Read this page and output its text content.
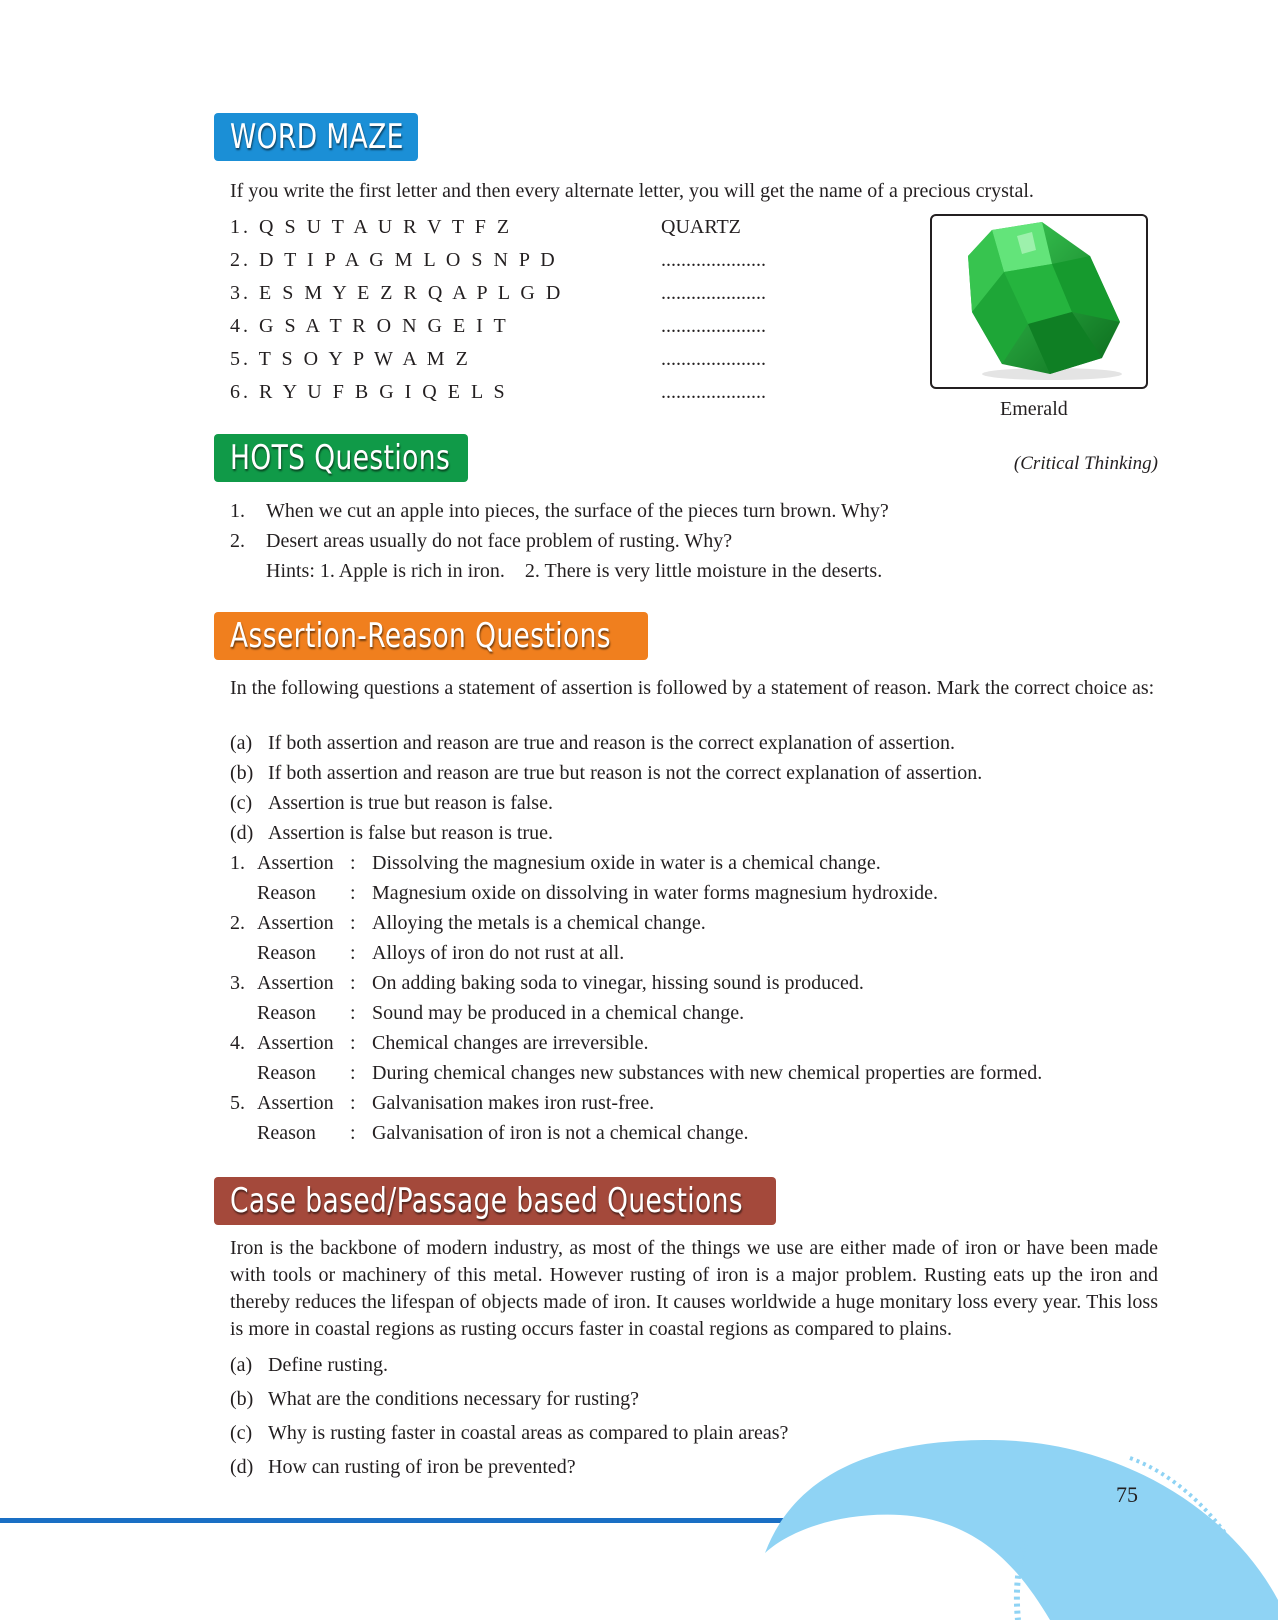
WORD MAZE
If you write the first letter and then every alternate letter, you will get the name of a precious crystal.
1. Q S U T A U R V T F Z	QUARTZ
2. D T I P A G M L O S N P D	.....................
3. E S M Y E Z R Q A P L G D	.....................
4. G S A T R O N G E I T	.....................
5. T S O Y P W A M Z	.....................
6. R Y U F B G I Q E L S	.....................
Emerald
HOTS Questions	(Critical Thinking)
1. When we cut an apple into pieces, the surface of the pieces turn brown. Why?
2. Desert areas usually do not face problem of rusting. Why?
Hints: 1. Apple is rich in iron.    2. There is very little moisture in the deserts.
Assertion-Reason Questions
In the following questions a statement of assertion is followed by a statement of reason. Mark the correct choice as:
(a) If both assertion and reason are true and reason is the correct explanation of assertion.
(b) If both assertion and reason are true but reason is not the correct explanation of assertion.
(c) Assertion is true but reason is false.
(d) Assertion is false but reason is true.
1. Assertion : Dissolving the magnesium oxide in water is a chemical change.
Reason : Magnesium oxide on dissolving in water forms magnesium hydroxide.
2. Assertion : Alloying the metals is a chemical change.
Reason : Alloys of iron do not rust at all.
3. Assertion : On adding baking soda to vinegar, hissing sound is produced.
Reason : Sound may be produced in a chemical change.
4. Assertion : Chemical changes are irreversible.
Reason : During chemical changes new substances with new chemical properties are formed.
5. Assertion : Galvanisation makes iron rust-free.
Reason : Galvanisation of iron is not a chemical change.
Case based/Passage based Questions
Iron is the backbone of modern industry, as most of the things we use are either made of iron or have been made with tools or machinery of this metal. However rusting of iron is a major problem. Rusting eats up the iron and thereby reduces the lifespan of objects made of iron. It causes worldwide a huge monitary loss every year. This loss is more in coastal regions as rusting occurs faster in coastal regions as compared to plains.
(a) Define rusting.
(b) What are the conditions necessary for rusting?
(c) Why is rusting faster in coastal areas as compared to plain areas?
(d) How can rusting of iron be prevented?
75
